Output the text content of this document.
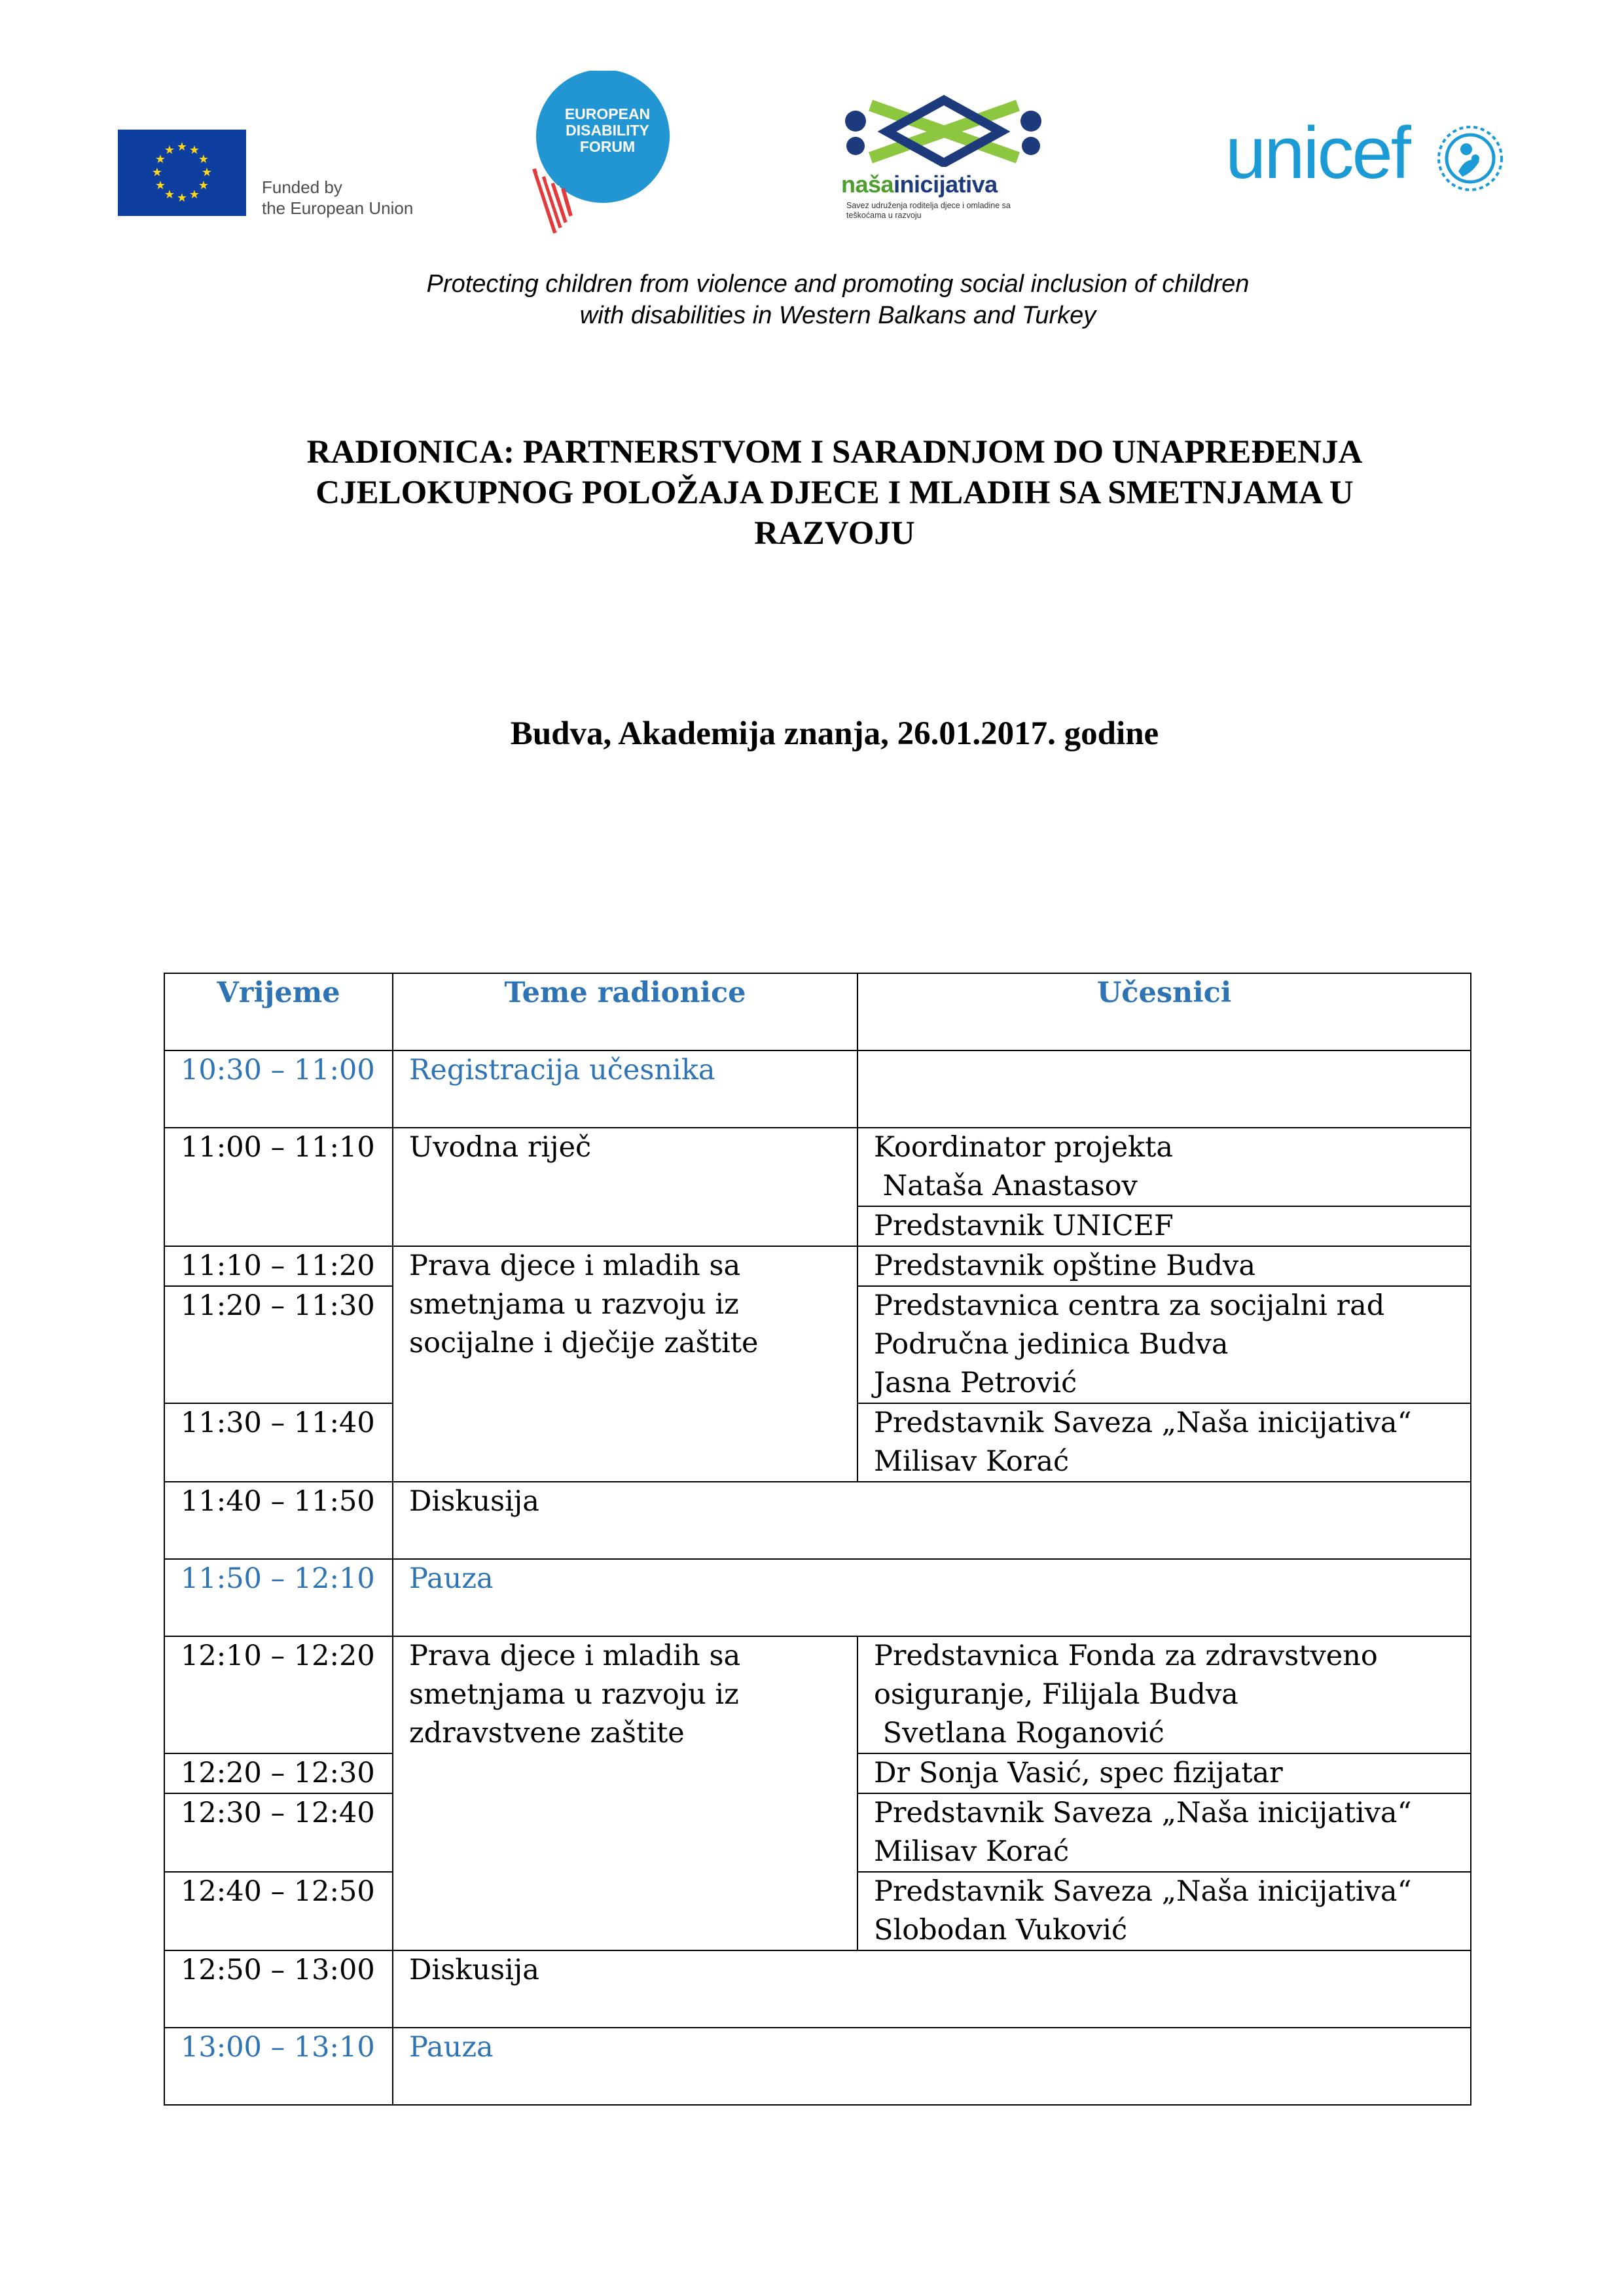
★ ★
★
★
★
★
★
★
★
★
★
★
Funded by
the European Union
EUROPEAN
DISABILITY
FORUM
našainicijativa
Savez udruženja roditelja djece i omladine sa
teškoćama u razvoju
unicef

Protecting children from violence and promoting social inclusion of children
with disabilities in Western Balkans and Turkey

RADIONICA: PARTNERSTVOM I SARADNJOM DO UNAPREĐENJA
CJELOKUPNOG POLOŽAJA DJECE I MLADIH SA SMETNJAMA U
RAZVOJU
Budva, Akademija znanja, 26.01.2017. godine
Vrijeme	Teme radionice	Učesnici
10:30 – 11:00	Registracija učesnika	
11:00 – 11:10	Uvodna riječ	Koordinator projekta
Nataša Anastasov
		Predstavnik UNICEF
11:10 – 11:20	Prava djece i mladih sa
smetnjama u razvoju iz
socijalne i dječije zaštite	Predstavnik opštine Budva
11:20 – 11:30		Predstavnica centra za socijalni rad
Područna jedinica Budva
Jasna Petrović
11:30 – 11:40		Predstavnik Saveza „Naša inicijativa“
Milisav Korać
11:40 – 11:50	Diskusija	
11:50 – 12:10	Pauza	
12:10 – 12:20	Prava djece i mladih sa
smetnjama u razvoju iz
zdravstvene zaštite	Predstavnica Fonda za zdravstveno
osiguranje, Filijala Budva
Svetlana Roganović
12:20 – 12:30		Dr Sonja Vasić, spec fizijatar
12:30 – 12:40		Predstavnik Saveza „Naša inicijativa“
Milisav Korać
12:40 – 12:50		Predstavnik Saveza „Naša inicijativa“
Slobodan Vuković
12:50 – 13:00	Diskusija	
13:00 – 13:10	Pauza	
